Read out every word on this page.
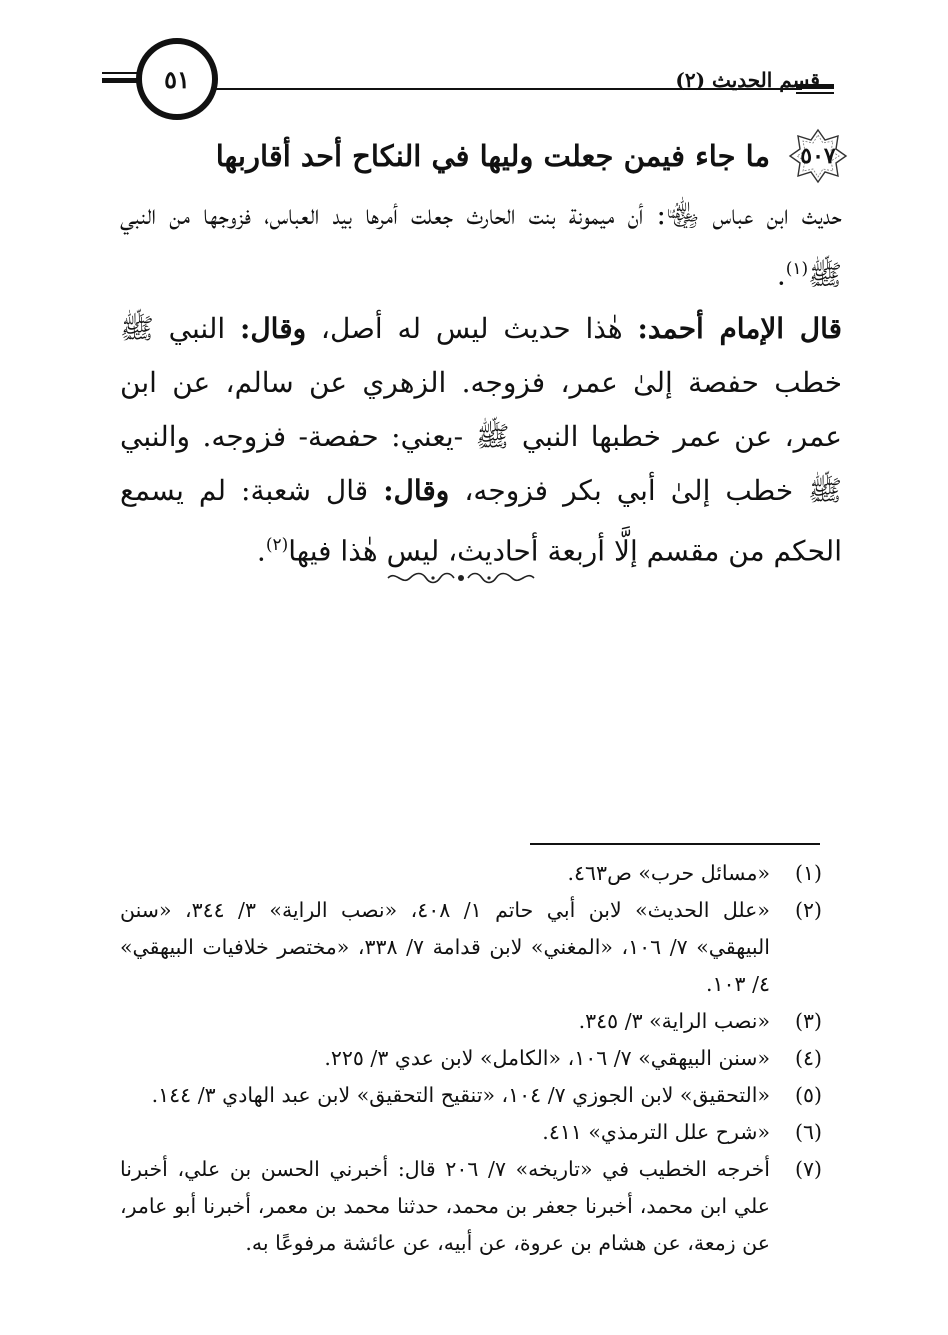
٥١	قسم الحديث (٢)
٥٠٧
ما جاء فيمن جعلت وليها في النكاح أحد أقاربها

حديث ابن عباس ﵄: أن ميمونة بنت الحارث جعلت أمرها بيد العباس، فزوجها من النبي ﷺ$^{(١)}$.

قال الإمام أحمد: هٰذا حديث ليس له أصل، وقال: النبي ﷺ خطب حفصة إلىٰ عمر، فزوجه. الزهري عن سالم، عن ابن عمر، عن عمر خطبها النبي ﷺ -يعني: حفصة- فزوجه. والنبي ﷺ خطب إلىٰ أبي بكر فزوجه، وقال: قال شعبة: لم يسمع الحكم من مقسم إلَّا أربعة أحاديث، ليس هٰذا فيها$^{(٢)}$.

(١)
«مسائل حرب» ص٤٦٣.
(٢)
«علل الحديث» لابن أبي حاتم ١/ ٤٠٨، «نصب الراية» ٣/ ٣٤٤، «سنن البيهقي» ٧/ ١٠٦، «المغني» لابن قدامة ٧/ ٣٣٨، «مختصر خلافيات البيهقي» ٤/ ١٠٣.
(٣)
«نصب الراية» ٣/ ٣٤٥.
(٤)
«سنن البيهقي» ٧/ ١٠٦، «الكامل» لابن عدي ٣/ ٢٢٥.
(٥)
«التحقيق» لابن الجوزي ٧/ ١٠٤، «تنقيح التحقيق» لابن عبد الهادي ٣/ ١٤٤.
(٦)
«شرح علل الترمذي» ٤١١.
(٧)
أخرجه الخطيب في «تاريخه» ٧/ ٢٠٦ قال: أخبرني الحسن بن علي، أخبرنا علي ابن محمد، أخبرنا جعفر بن محمد، حدثنا محمد بن معمر، أخبرنا أبو عامر، عن زمعة، عن هشام بن عروة، عن أبيه، عن عائشة مرفوعًا به.
